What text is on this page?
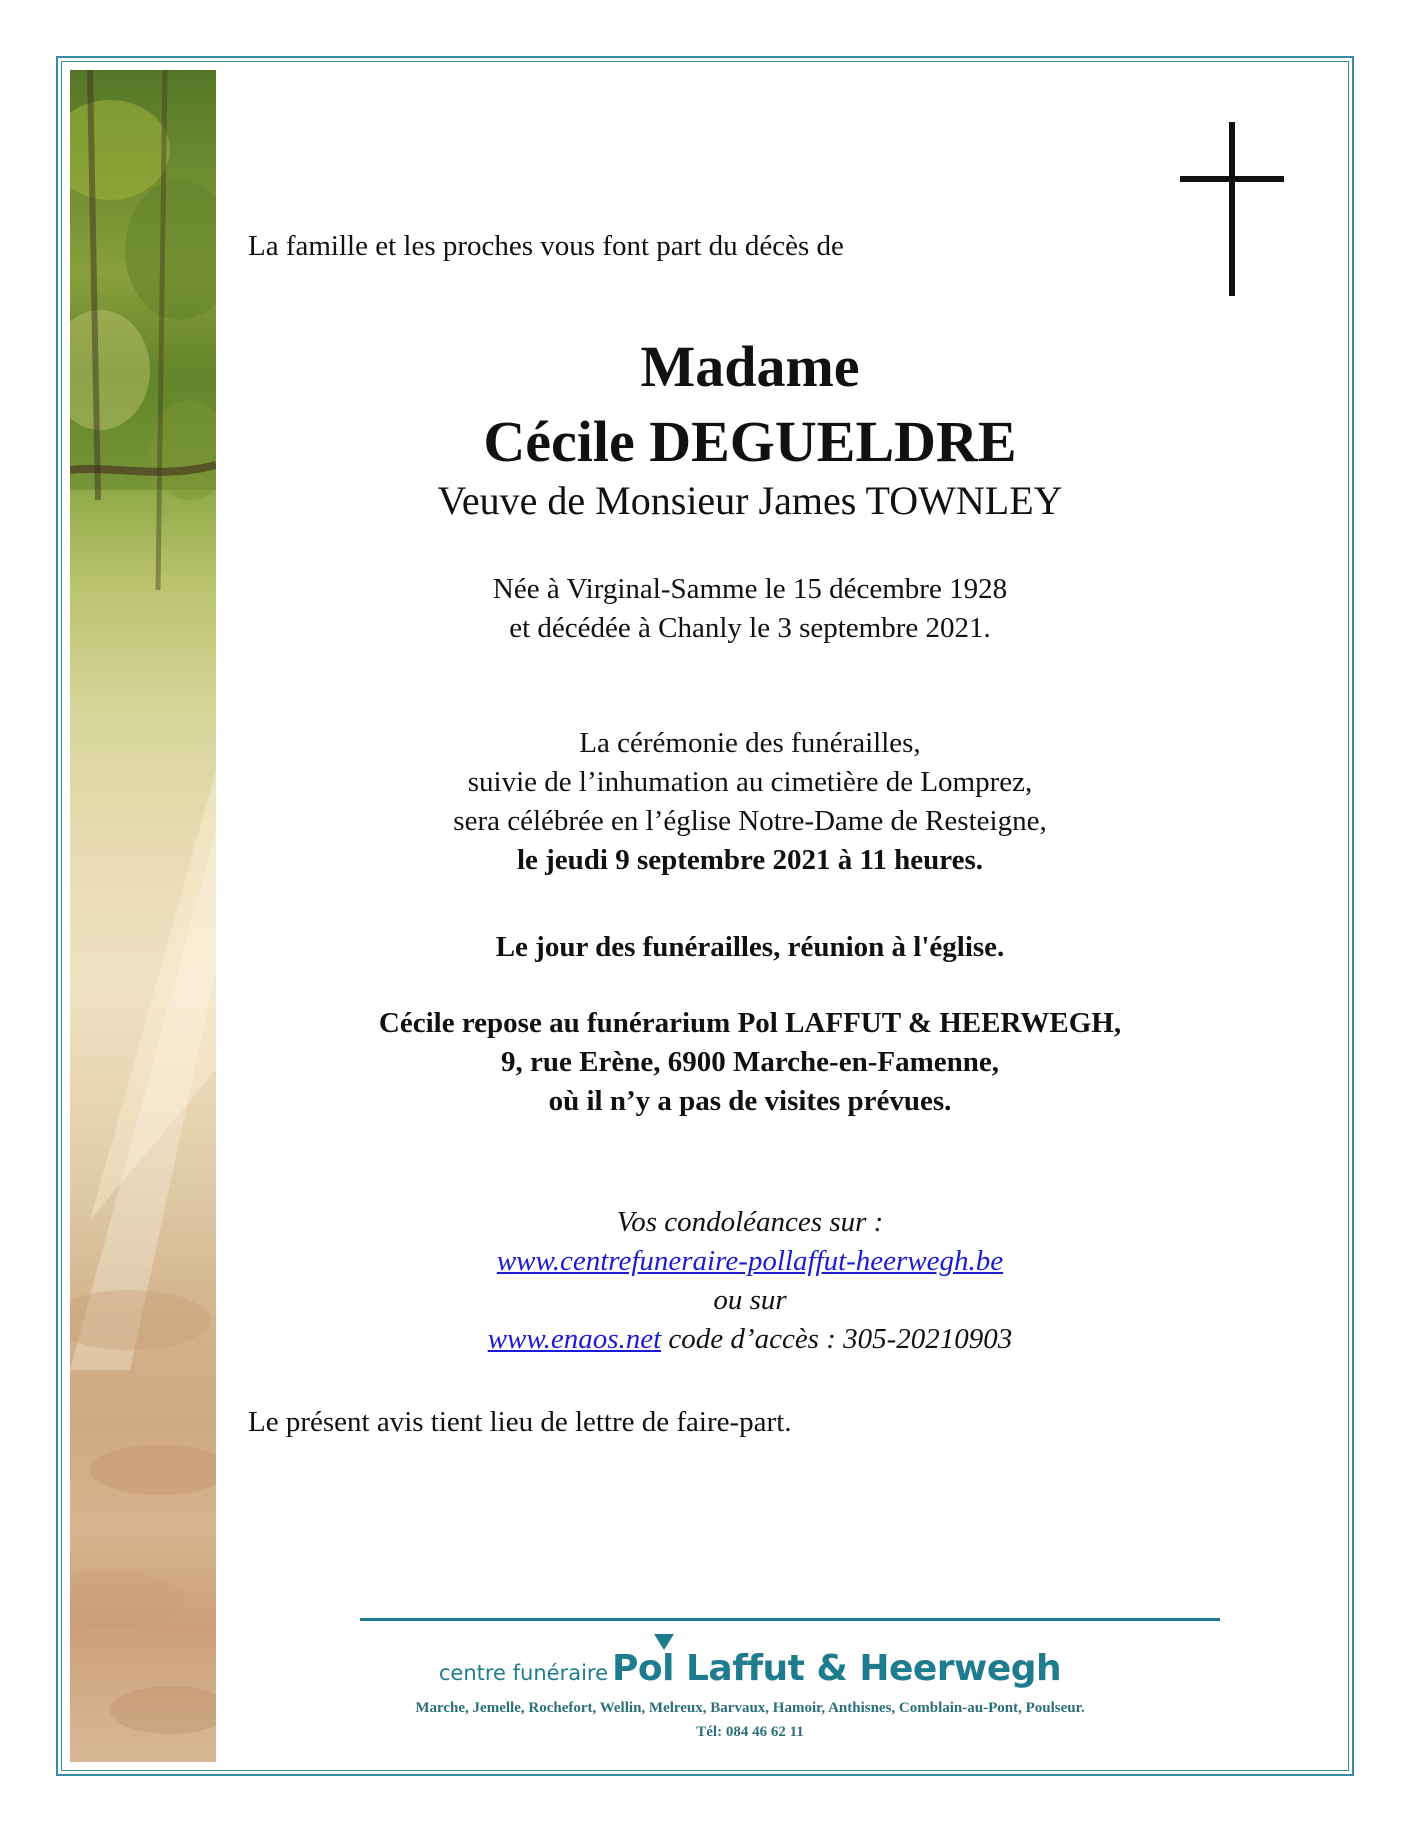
La famille et les proches vous font part du décès de
Madame
Cécile DEGUELDRE
Veuve de Monsieur James TOWNLEY
Née à Virginal-Samme le 15 décembre 1928
et décédée à Chanly le 3 septembre 2021.
La cérémonie des funérailles,
suivie de l’inhumation au cimetière de Lomprez,
sera célébrée en l’église Notre-Dame de Resteigne,
le jeudi 9 septembre 2021 à 11 heures.
Le jour des funérailles, réunion à l'église.
Cécile repose au funérarium Pol LAFFUT & HEERWEGH,
9, rue Erène, 6900 Marche-en-Famenne,
où il n’y a pas de visites prévues.
Vos condoléances sur :
www.centrefuneraire-pollaffut-heerwegh.be
ou sur
www.enaos.net code d’accès : 305-20210903
Le présent avis tient lieu de lettre de faire-part.
centre funéraire Pol Laffut & Heerwegh
Marche, Jemelle, Rochefort, Wellin, Melreux, Barvaux, Hamoir, Anthisnes, Comblain-au-Pont, Poulseur.
Tél: 084 46 62 11
